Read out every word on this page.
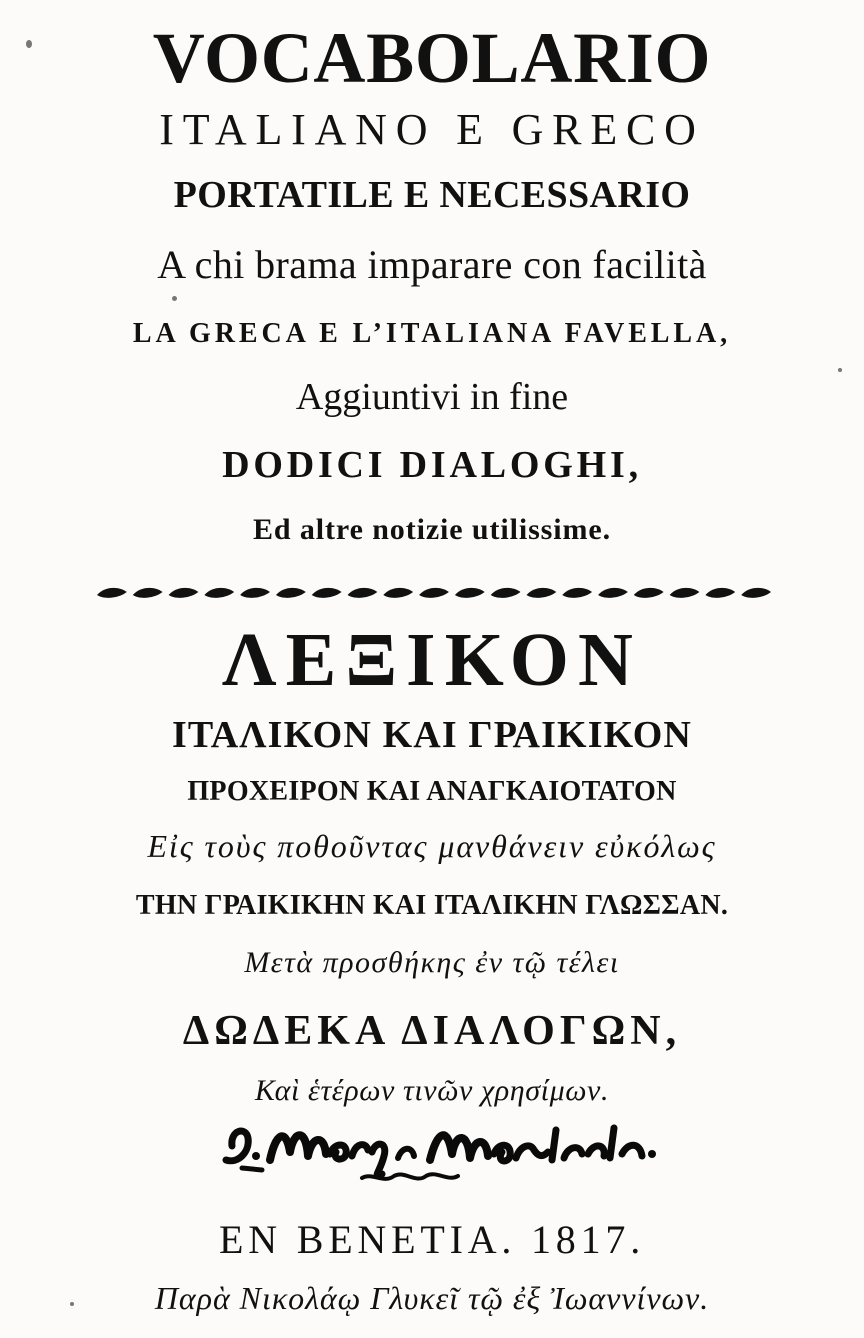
VOCABOLARIO
ITALIANO E GRECO
PORTATILE E NECESSARIO
A chi brama imparare con facilità
LA GRECA E L’ITALIANA FAVELLA,
Aggiuntivi in fine
DODICI DIALOGHI,
Ed altre notizie utilissime.
ΛΕΞΙΚΟΝ
ΙΤΑΛΙΚΟΝ ΚΑΙ ΓΡΑΙΚΙΚΟΝ
ΠΡΟΧΕΙΡΟΝ ΚΑΙ ΑΝΑΓΚΑΙΟΤΑΤΟΝ
Εἰς τοὺς ποθοῦντας μανθάνειν εὐκόλως
ΤΗΝ ΓΡΑΙΚΙΚΗΝ ΚΑΙ ΙΤΑΛΙΚΗΝ ΓΛΩΣΣΑΝ.
Μετὰ προσθήκης ἐν τῷ τέλει
ΔΩΔΕΚΑ ΔΙΑΛΟΓΩΝ,
Καὶ ἑτέρων τινῶν χρησίμων.
ΕΝ ΒΕΝΕΤΙΑ. 1817.
Παρὰ Νικολάῳ Γλυκεῖ τῷ ἐξ Ἰωαννίνων.
